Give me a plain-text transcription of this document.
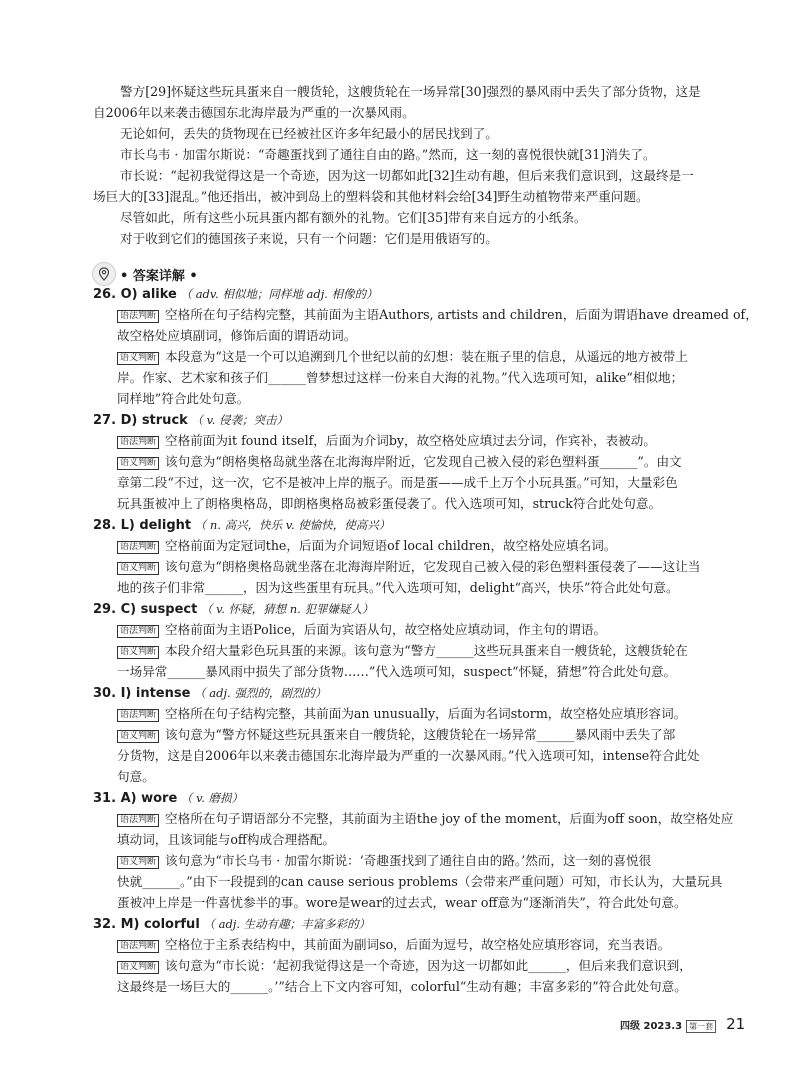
警方[29]怀疑这些玩具蛋来自一艘货轮，这艘货轮在一场异常[30]强烈的暴风雨中丢失了部分货物，这是
自2006年以来袭击德国东北海岸最为严重的一次暴风雨。
无论如何，丢失的货物现在已经被社区许多年纪最小的居民找到了。
市长乌韦 · 加雷尔斯说：“奇趣蛋找到了通往自由的路。”然而，这一刻的喜悦很快就[31]消失了。
市长说：“起初我觉得这是一个奇迹，因为这一切都如此[32]生动有趣，但后来我们意识到，这最终是一
场巨大的[33]混乱。”他还指出，被冲到岛上的塑料袋和其他材料会给[34]野生动植物带来严重问题。
尽管如此，所有这些小玩具蛋内都有额外的礼物。它们[35]带有来自远方的小纸条。
对于收到它们的德国孩子来说，只有一个问题：它们是用俄语写的。
• 答案详解 •
26. O) alike （ adv. 相似地；同样地 adj. 相像的）
语法判断 空格所在句子结构完整，其前面为主语Authors, artists and children，后面为谓语have dreamed of，
故空格处应填副词，修饰后面的谓语动词。
语义判断 本段意为“这是一个可以追溯到几个世纪以前的幻想：装在瓶子里的信息，从遥远的地方被带上
岸。作家、艺术家和孩子们______曾梦想过这样一份来自大海的礼物。”代入选项可知，alike“相似地；
同样地”符合此处句意。
27. D) struck （ v. 侵袭；突击）
语法判断 空格前面为it found itself，后面为介词by，故空格处应填过去分词，作宾补，表被动。
语义判断 该句意为“朗格奥格岛就坐落在北海海岸附近，它发现自己被入侵的彩色塑料蛋______”。由文
章第二段“不过，这一次，它不是被冲上岸的瓶子。而是蛋——成千上万个小玩具蛋。”可知，大量彩色
玩具蛋被冲上了朗格奥格岛，即朗格奥格岛被彩蛋侵袭了。代入选项可知，struck符合此处句意。
28. L) delight （ n. 高兴，快乐 v. 使愉快，使高兴）
语法判断 空格前面为定冠词the，后面为介词短语of local children，故空格处应填名词。
语义判断 该句意为“朗格奥格岛就坐落在北海海岸附近，它发现自己被入侵的彩色塑料蛋侵袭了——这让当
地的孩子们非常______，因为这些蛋里有玩具。”代入选项可知，delight“高兴，快乐”符合此处句意。
29. C) suspect （ v. 怀疑，猜想 n. 犯罪嫌疑人）
语法判断 空格前面为主语Police，后面为宾语从句，故空格处应填动词，作主句的谓语。
语义判断 本段介绍大量彩色玩具蛋的来源。该句意为“警方______这些玩具蛋来自一艘货轮，这艘货轮在
一场异常______暴风雨中损失了部分货物……”代入选项可知，suspect“怀疑，猜想”符合此处句意。
30. I) intense （ adj. 强烈的，剧烈的）
语法判断 空格所在句子结构完整，其前面为an unusually，后面为名词storm，故空格处应填形容词。
语义判断 该句意为“警方怀疑这些玩具蛋来自一艘货轮，这艘货轮在一场异常______暴风雨中丢失了部
分货物，这是自2006年以来袭击德国东北海岸最为严重的一次暴风雨。”代入选项可知，intense符合此处
句意。
31. A) wore （ v. 磨损）
语法判断 空格所在句子谓语部分不完整，其前面为主语the joy of the moment，后面为off soon，故空格处应
填动词，且该词能与off构成合理搭配。
语义判断 该句意为“市长乌韦 · 加雷尔斯说：‘奇趣蛋找到了通往自由的路。’然而，这一刻的喜悦很
快就______。”由下一段提到的can cause serious problems（会带来严重问题）可知，市长认为，大量玩具
蛋被冲上岸是一件喜忧参半的事。wore是wear的过去式，wear off意为“逐渐消失”，符合此处句意。
32. M) colorful （ adj. 生动有趣；丰富多彩的）
语法判断 空格位于主系表结构中，其前面为副词so，后面为逗号，故空格处应填形容词，充当表语。
语义判断 该句意为“市长说：‘起初我觉得这是一个奇迹，因为这一切都如此______，但后来我们意识到，
这最终是一场巨大的______。’”结合上下文内容可知，colorful“生动有趣；丰富多彩的”符合此处句意。
四级 2023.3 第一套 21
